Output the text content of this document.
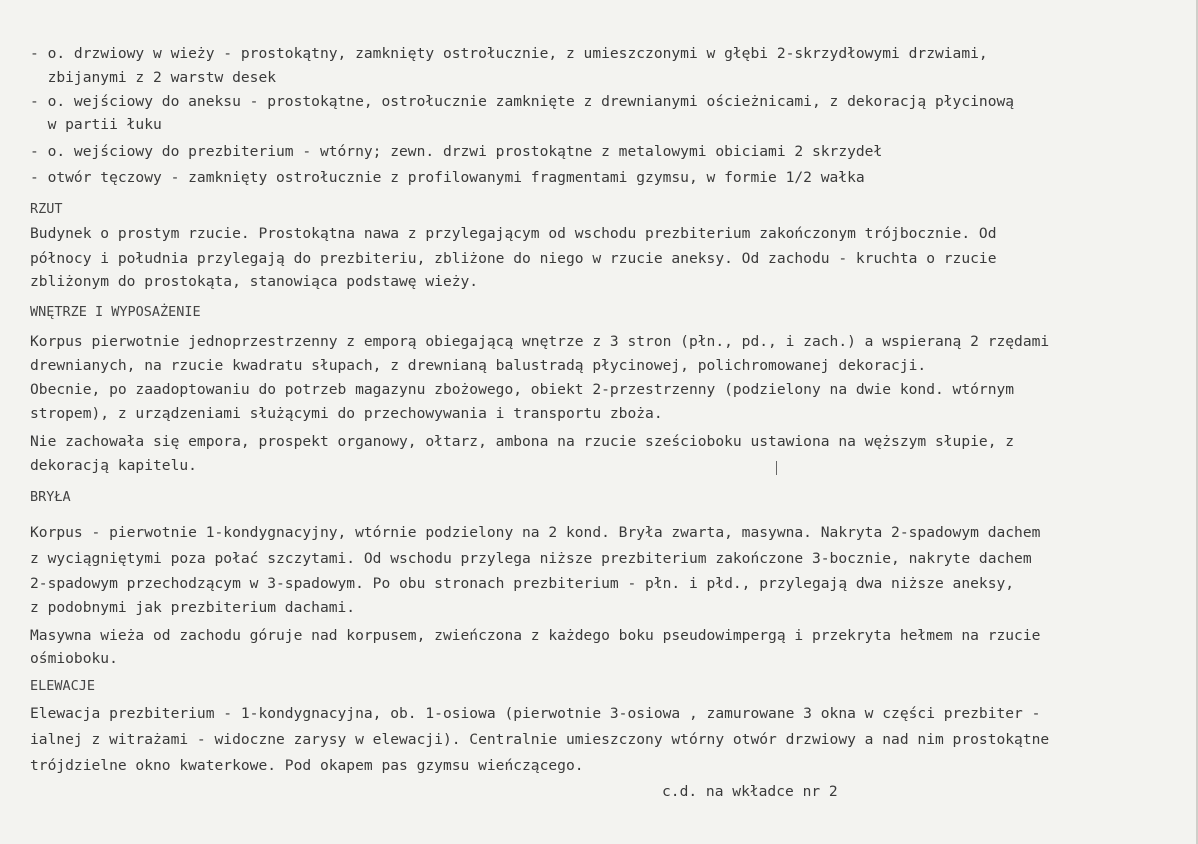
- o. drzwiowy w wieży - prostokątny, zamknięty ostrołucznie, z umieszczonymi w głębi 2-skrzydłowymi drzwiami,
zbijanymi z 2 warstw desek
- o. wejściowy do aneksu - prostokątne, ostrołucznie zamknięte z drewnianymi ościeżnicami, z dekoracją płycinową
w partii łuku
- o. wejściowy do prezbiterium - wtórny; zewn. drzwi prostokątne z metalowymi obiciami 2 skrzydeł
- otwór tęczowy - zamknięty ostrołucznie z profilowanymi fragmentami gzymsu, w formie 1/2 wałka
RZUT
Budynek o prostym rzucie. Prostokątna nawa z przylegającym od wschodu prezbiterium zakończonym trójbocznie. Od
północy i południa przylegają do prezbiteriu, zbliżone do niego w rzucie aneksy. Od zachodu - kruchta o rzucie
zbliżonym do prostokąta, stanowiąca podstawę wieży.
WNĘTRZE I WYPOSAŻENIE
Korpus pierwotnie jednoprzestrzenny z emporą obiegającą wnętrze z 3 stron (płn., pd., i zach.) a wspieraną 2 rzędami
drewnianych, na rzucie kwadratu słupach, z drewnianą balustradą płycinowej, polichromowanej dekoracji.
Obecnie, po zaadoptowaniu do potrzeb magazynu zbożowego, obiekt 2-przestrzenny (podzielony na dwie kond. wtórnym
stropem), z urządzeniami służącymi do przechowywania i transportu zboża.
Nie zachowała się empora, prospekt organowy, ołtarz, ambona na rzucie sześcioboku ustawiona na węższym słupie, z
dekoracją kapitelu.
BRYŁA
Korpus - pierwotnie 1-kondygnacyjny, wtórnie podzielony na 2 kond. Bryła zwarta, masywna. Nakryta 2-spadowym dachem
z wyciągniętymi poza połać szczytami. Od wschodu przylega niższe prezbiterium zakończone 3-bocznie, nakryte dachem
2-spadowym przechodzącym w 3-spadowym. Po obu stronach prezbiterium - płn. i płd., przylegają dwa niższe aneksy,
z podobnymi jak prezbiterium dachami.
Masywna wieża od zachodu góruje nad korpusem, zwieńczona z każdego boku pseudowimpergą i przekryta hełmem na rzucie
ośmioboku.
ELEWACJE
Elewacja prezbiterium - 1-kondygnacyjna, ob. 1-osiowa (pierwotnie 3-osiowa , zamurowane 3 okna w części prezbiter -
ialnej z witrażami - widoczne zarysy w elewacji). Centralnie umieszczony wtórny otwór drzwiowy a nad nim prostokątne
trójdzielne okno kwaterkowe. Pod okapem pas gzymsu wieńczącego.
c.d. na wkładce nr 2
